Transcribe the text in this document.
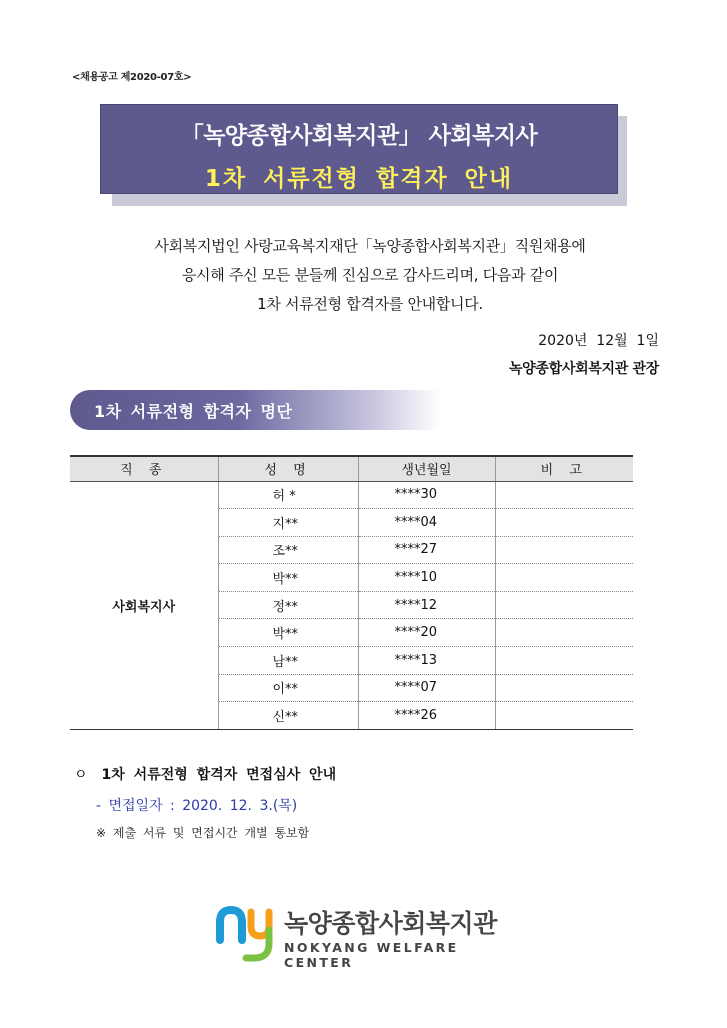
<채용공고 제2020-07호>
「녹양종합사회복지관」 사회복지사
1차 서류전형 합격자 안내
사회복지법인 사랑교육복지재단「녹양종합사회복지관」직원채용에
응시해 주신 모든 분들께 진심으로 감사드리며, 다음과 같이
1차 서류전형 합격자를 안내합니다.
2020년  12월  1일
녹양종합사회복지관 관장
1차 서류전형 합격자 명단
직 종	성 명	생년월일	비 고
사회복지사	허 *	****30	
	지**	****04	
	조**	****27	
	박**	****10	
	정**	****12	
	박**	****20	
	남**	****13	
	이**	****07	
	신**	****26	
ㅇ 1차 서류전형 합격자 면접심사 안내
- 면접일자 : 2020. 12. 3.(목)
※ 제출 서류 및 면접시간 개별 통보함
녹양종합사회복지관
NOKYANG WELFARE CENTER
